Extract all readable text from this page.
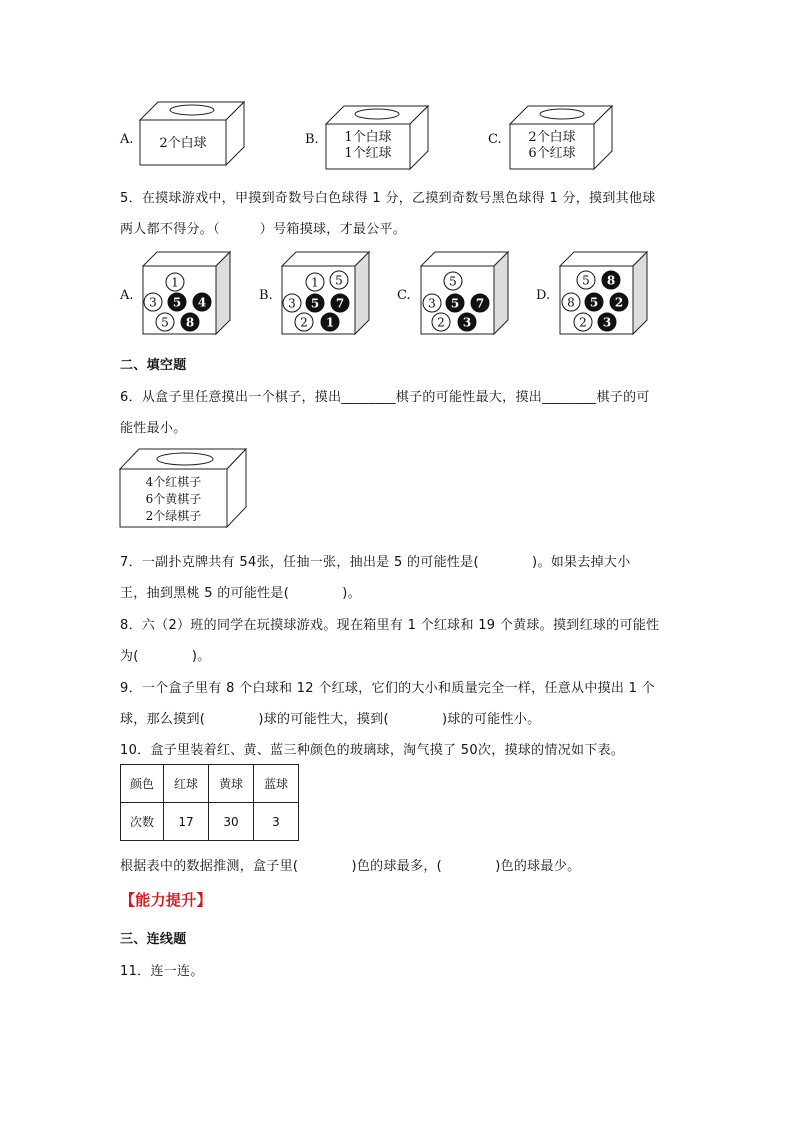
A.	2个白球	B.	1个白球
1个红球
C.	2个白球
6个红球
5．在摸球游戏中，甲摸到奇数号白色球得 1 分，乙摸到奇数号黑色球得 1 分，摸到其他球
两人都不得分。（　　　）号箱摸球，才最公平。
1
3 5 4
5 8
1 5
3 5 7
2 1
5
3 5 7
2 3
5 8
8 5 2
2 3
A.	B.	C.	D.
二、填空题
6．从盒子里任意摸出一个棋子，摸出________棋子的可能性最大，摸出________棋子的可
能性最小。
4个红棋子
6个黄棋子
2个绿棋子
7．一副扑克牌共有 54张，任抽一张，抽出是 5 的可能性是(　　　　)。如果去掉大小
王，抽到黑桃 5 的可能性是(　　　　)。
8．六（2）班的同学在玩摸球游戏。现在箱里有 1 个红球和 19 个黄球。摸到红球的可能性
为(　　　　)。
9．一个盒子里有 8 个白球和 12 个红球，它们的大小和质量完全一样，任意从中摸出 1 个
球，那么摸到(　　　　)球的可能性大，摸到(　　　　)球的可能性小。
10．盒子里装着红、黄、蓝三种颜色的玻璃球，淘气摸了 50次，摸球的情况如下表。
颜色	红球	黄球	蓝球
次数	17	30	3
根据表中的数据推测，盒子里(　　　　)色的球最多，(　　　　)色的球最少。
【能力提升】
三、连线题
11．连一连。
